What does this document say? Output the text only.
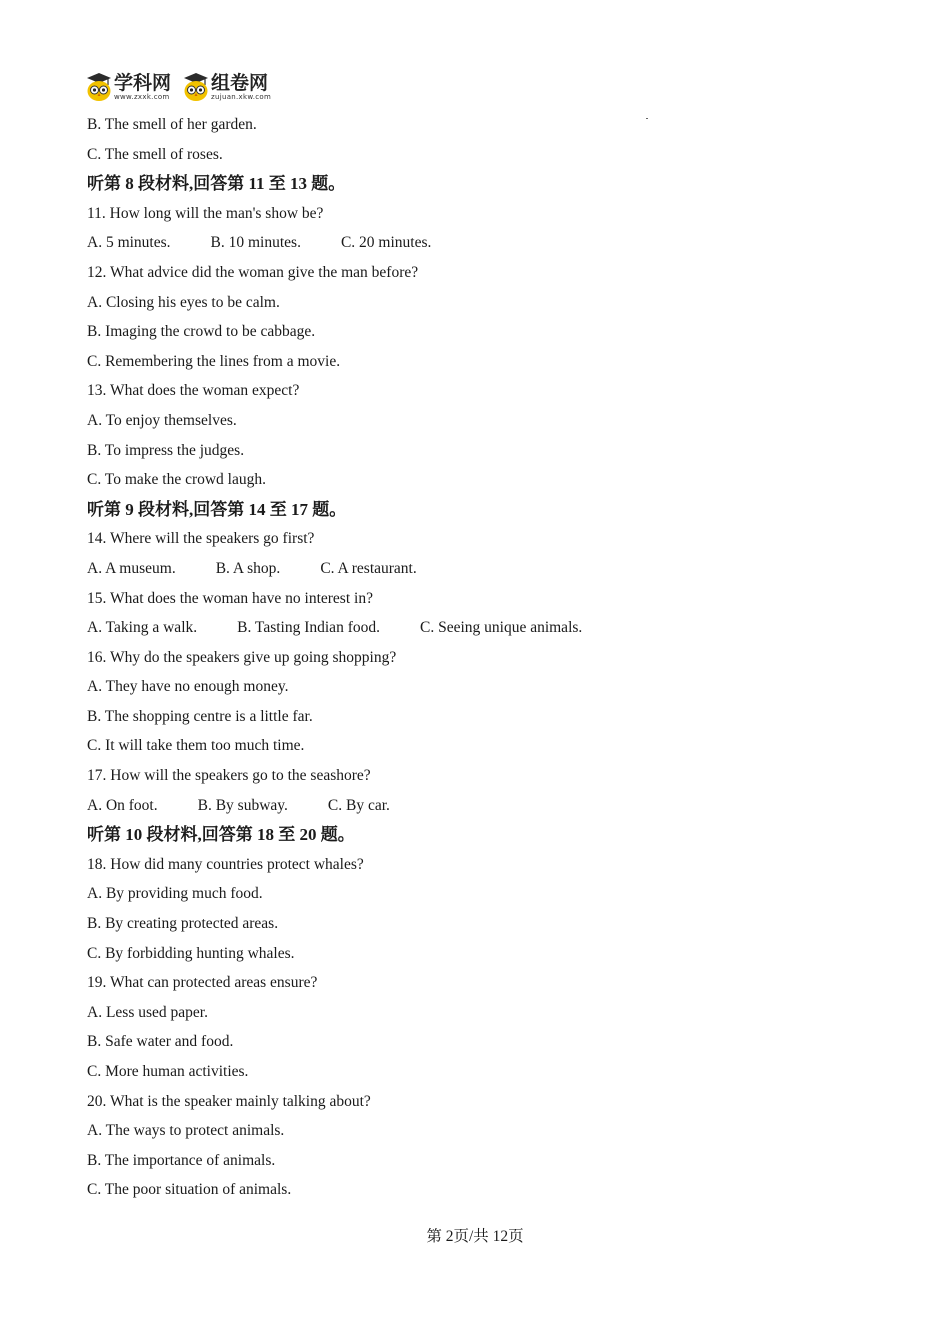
学科网
www.zxxk.com
组卷网
zujuan.xkw.com
B. The smell of her garden.
C. The smell of roses.
听第 8 段材料,回答第 11 至 13 题。
11. How long will the man's show be?
A. 5 minutes.	B. 10 minutes.	C. 20 minutes.
12. What advice did the woman give the man before?
A. Closing his eyes to be calm.
B. Imaging the crowd to be cabbage.
C. Remembering the lines from a movie.
13. What does the woman expect?
A. To enjoy themselves.
B. To impress the judges.
C. To make the crowd laugh.
听第 9 段材料,回答第 14 至 17 题。
14. Where will the speakers go first?
A. A museum.	B. A shop.	C. A restaurant.
15. What does the woman have no interest in?
A. Taking a walk.	B. Tasting Indian food.	C. Seeing unique animals.
16. Why do the speakers give up going shopping?
A. They have no enough money.
B. The shopping centre is a little far.
C. It will take them too much time.
17. How will the speakers go to the seashore?
A. On foot.	B. By subway.	C. By car.
听第 10 段材料,回答第 18 至 20 题。
18. How did many countries protect whales?
A. By providing much food.
B. By creating protected areas.
C. By forbidding hunting whales.
19. What can protected areas ensure?
A. Less used paper.
B. Safe water and food.
C. More human activities.
20. What is the speaker mainly talking about?
A. The ways to protect animals.
B. The importance of animals.
C. The poor situation of animals.
第 2页/共 12页
